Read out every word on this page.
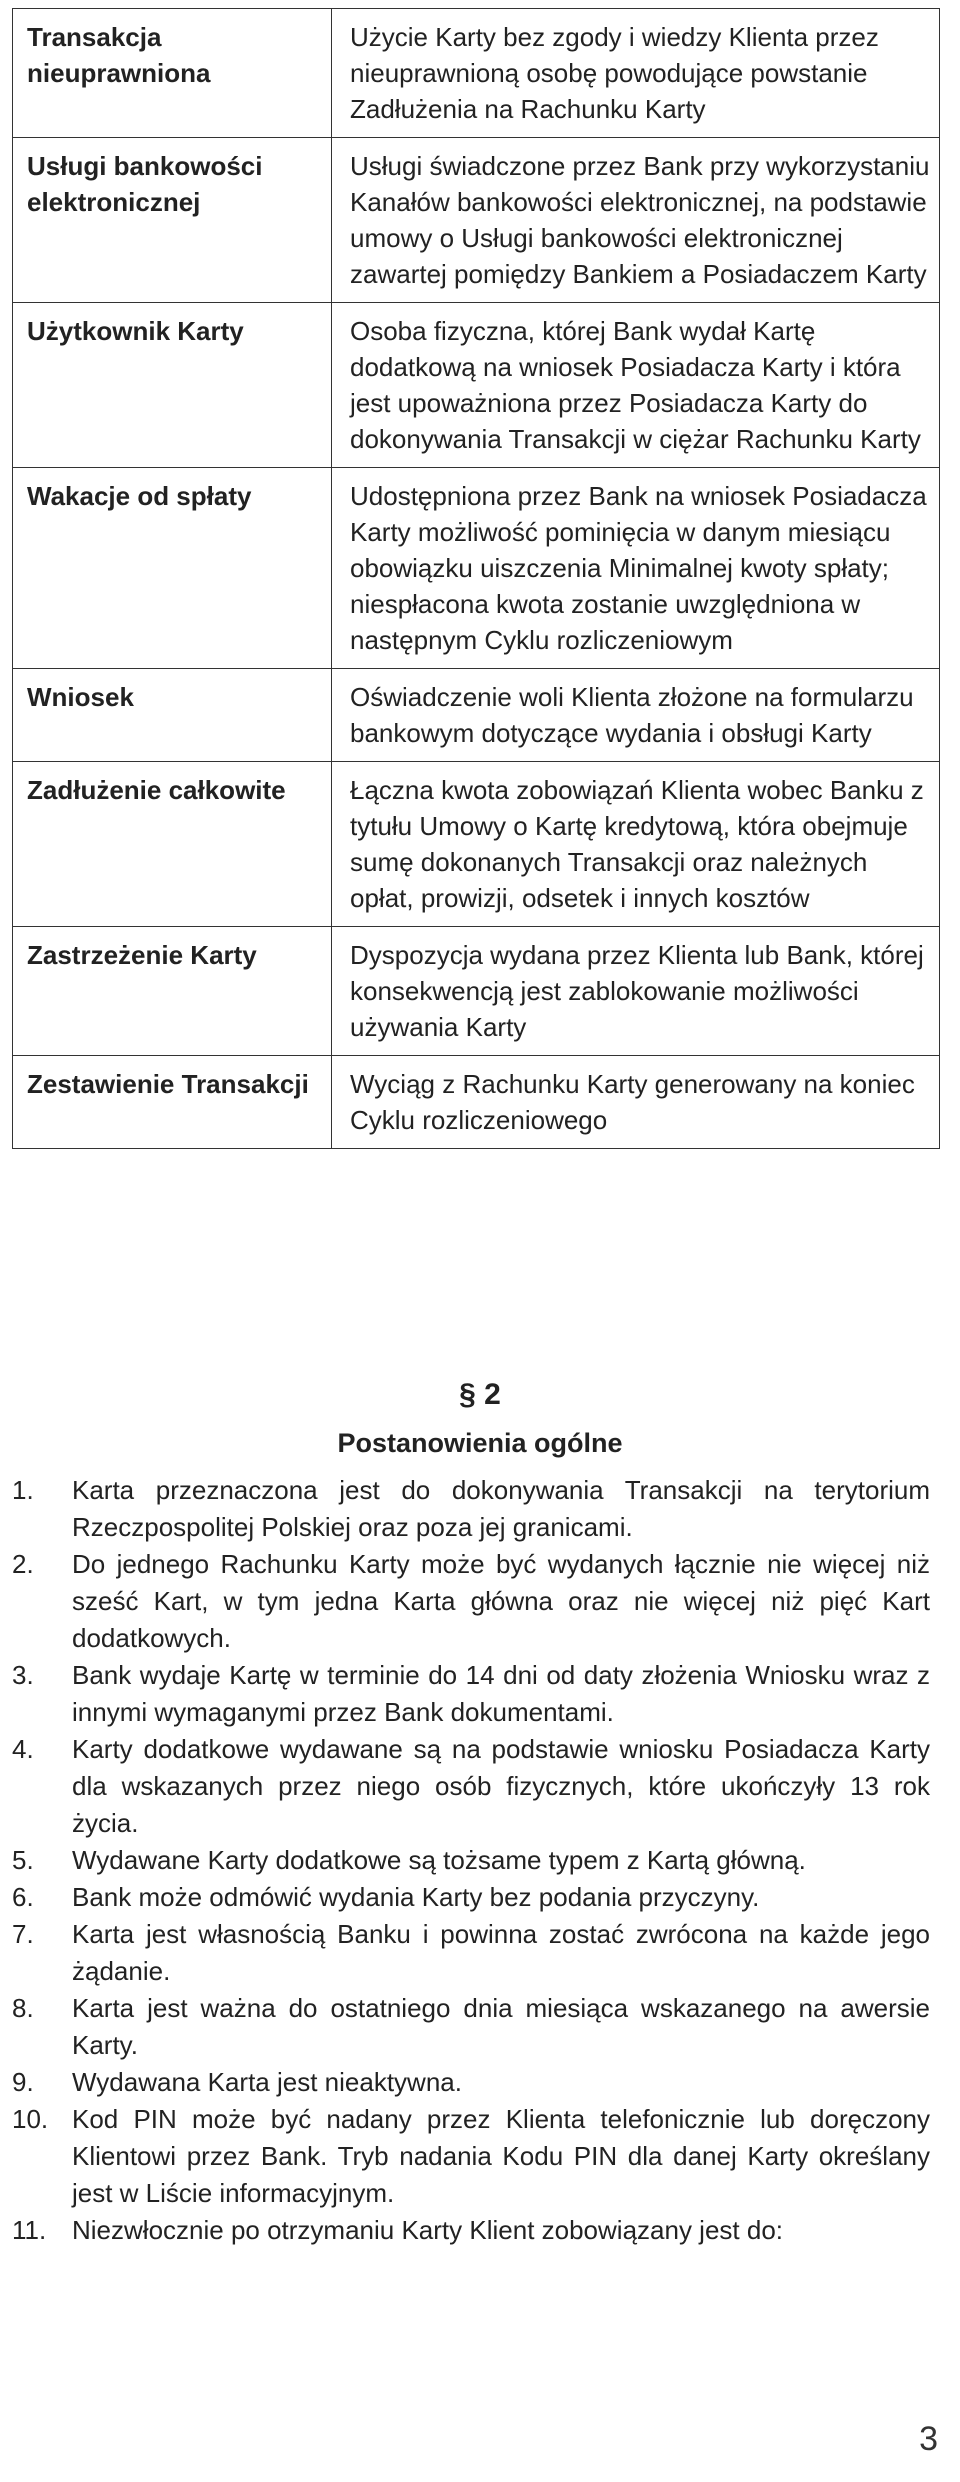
Transakcja nieuprawniona	Użycie Karty bez zgody i wiedzy Klienta przez nieuprawnioną osobę powodujące powstanie Zadłużenia na Rachunku Karty
Usługi bankowości elektronicznej	Usługi świadczone przez Bank przy wykorzystaniu Kanałów bankowości elektronicznej, na podstawie umowy o Usługi bankowości elektronicznej zawartej pomiędzy Bankiem a Posiadaczem Karty
Użytkownik Karty	Osoba fizyczna, której Bank wydał Kartę dodatkową na wniosek Posiadacza Karty i która jest upoważniona przez Posiadacza Karty do dokonywania Transakcji w ciężar Rachunku Karty
Wakacje od spłaty	Udostępniona przez Bank na wniosek Posiadacza Karty możliwość pominięcia w danym miesiącu obowiązku uiszczenia Minimalnej kwoty spłaty; niespłacona kwota zostanie uwzględniona w następnym Cyklu rozliczeniowym
Wniosek	Oświadczenie woli Klienta złożone na formularzu bankowym dotyczące wydania i obsługi Karty
Zadłużenie całkowite	Łączna kwota zobowiązań Klienta wobec Banku z tytułu Umowy o Kartę kredytową, która obejmuje sumę dokonanych Transakcji oraz należnych opłat, prowizji, odsetek i innych kosztów
Zastrzeżenie Karty	Dyspozycja wydana przez Klienta lub Bank, której konsekwencją jest zablokowanie możliwości używania Karty
Zestawienie Transakcji	Wyciąg z Rachunku Karty generowany na koniec Cyklu rozliczeniowego
§ 2
Postanowienia ogólne
1.	Karta przeznaczona jest do dokonywania Transakcji na terytorium Rzeczpospolitej Polskiej oraz poza jej granicami.
2.	Do jednego Rachunku Karty może być wydanych łącznie nie więcej niż sześć Kart, w tym jedna Karta główna oraz nie więcej niż pięć Kart dodatkowych.
3.	Bank wydaje Kartę w terminie do 14 dni od daty złożenia Wniosku wraz z innymi wymaganymi przez Bank dokumentami.
4.	Karty dodatkowe wydawane są na podstawie wniosku Posiadacza Karty dla wskazanych przez niego osób fizycznych, które ukończyły 13 rok życia.
5.	Wydawane Karty dodatkowe są tożsame typem z Kartą główną.
6.	Bank może odmówić wydania Karty bez podania przyczyny.
7.	Karta jest własnością Banku i powinna zostać zwrócona na każde jego żądanie.
8.	Karta jest ważna do ostatniego dnia miesiąca wskazanego na awersie Karty.
9.	Wydawana Karta jest nieaktywna.
10. Kod PIN może być nadany przez Klienta telefonicznie lub doręczony Klientowi przez Bank. Tryb nadania Kodu PIN dla danej Karty określany jest w Liście informacyjnym.
11. Niezwłocznie po otrzymaniu Karty Klient zobowiązany jest do:
3
